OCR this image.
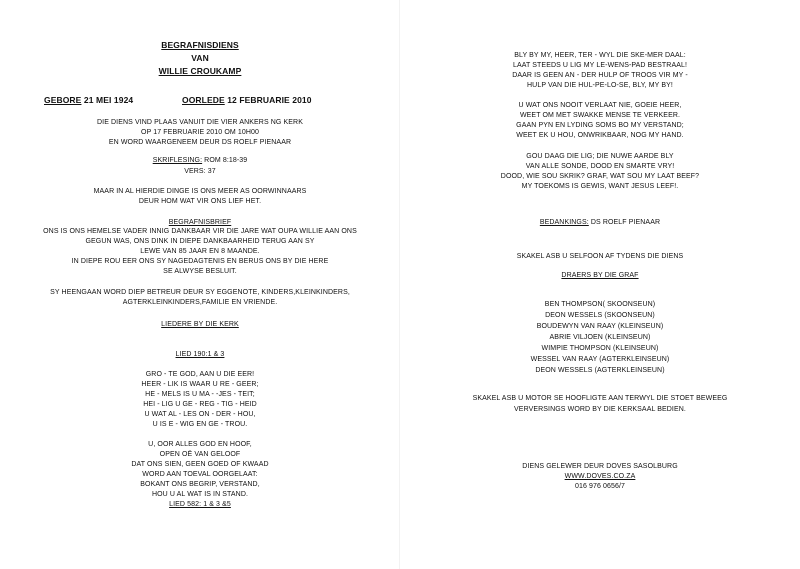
BEGRAFNISDIENS
VAN
WILLIE CROUKAMP
GEBORE 21 MEI 1924	OORLEDE 12 FEBRUARIE 2010
DIE DIENS VIND PLAAS VANUIT DIE VIER ANKERS NG KERK
OP 17 FEBRUARIE 2010 OM 10H00
EN WORD WAARGENEEM DEUR DS ROELF PIENAAR
SKRIFLESING: ROM 8:18-39
VERS: 37
MAAR IN AL HIERDIE DINGE IS ONS MEER AS OORWINNAARS
DEUR HOM WAT VIR ONS LIEF HET.
BEGRAFNISBRIEF
ONS IS ONS HEMELSE VADER INNIG DANKBAAR VIR DIE JARE WAT OUPA WILLIE AAN ONS
GEGUN WAS, ONS DINK IN DIEPE DANKBAARHEID TERUG AAN SY
LEWE VAN 85 JAAR EN 8 MAANDE.
IN DIEPE ROU EER ONS SY NAGEDAGTENIS EN BERUS ONS BY DIE HERE
SE ALWYSE BESLUIT.
SY HEENGAAN WORD DIEP BETREUR DEUR SY EGGENOTE, KINDERS,KLEINKINDERS,
AGTERKLEINKINDERS,FAMILIE EN VRIENDE.
LIEDERE BY DIE KERK
LIED 190:1 & 3
GRO - TE GOD, AAN U DIE EER!
HEER - LIK IS WAAR U RE - GEER;
HE - MELS IS U MA - -JES - TEIT;
HEI - LIG U GE - REG - TIG - HEID
U WAT AL - LES ON - DER - HOU,
U IS E - WIG EN GE - TROU.
U, OOR ALLES GOD EN HOOF,
OPEN OË VAN GELOOF
DAT ONS SIEN, GEEN GOED OF KWAAD
WORD AAN TOEVAL OORGELAAT:
BOKANT ONS BEGRIP, VERSTAND,
HOU U AL WAT IS IN STAND.
LIED 582: 1 & 3 &5
BLY BY MY, HEER, TER - WYL DIE SKE-MER DAAL:
LAAT STEEDS U LIG MY LE-WENS-PAD BESTRAAL!
DAAR IS GEEN AN - DER HULP OF TROOS VIR MY -
HULP VAN DIE HUL-PE-LO-SE, BLY, MY BY!
U WAT ONS NOOIT VERLAAT NIE, GOEIE HEER,
WEET OM MET SWAKKE MENSE TE VERKEER.
GAAN PYN EN LYDING SOMS BO MY VERSTAND;
WEET EK U HOU, ONWRIKBAAR, NOG MY HAND.
GOU DAAG DIE LIG; DIE NUWE AARDE BLY
VAN ALLE SONDE, DOOD EN SMARTE VRY!
DOOD, WIE SOU SKRIK? GRAF, WAT SOU MY LAAT BEEF?
MY TOEKOMS IS GEWIS, WANT JESUS LEEF!.
BEDANKINGS: DS ROELF PIENAAR
SKAKEL ASB U SELFOON AF TYDENS DIE DIENS
DRAERS BY DIE GRAF
BEN THOMPSON( SKOONSEUN)
DEON WESSELS (SKOONSEUN)
BOUDEWYN VAN RAAY (KLEINSEUN)
ABRIE VILJOEN (KLEINSEUN)
WIMPIE THOMPSON (KLEINSEUN)
WESSEL VAN RAAY (AGTERKLEINSEUN)
DEON WESSELS (AGTERKLEINSEUN)
SKAKEL ASB U MOTOR SE HOOFLIGTE AAN TERWYL DIE STOET BEWEEG
VERVERSINGS WORD BY DIE KERKSAAL BEDIEN.
DIENS GELEWER DEUR DOVES SASOLBURG
WWW.DOVES.CO.ZA
016 976 0656/7
